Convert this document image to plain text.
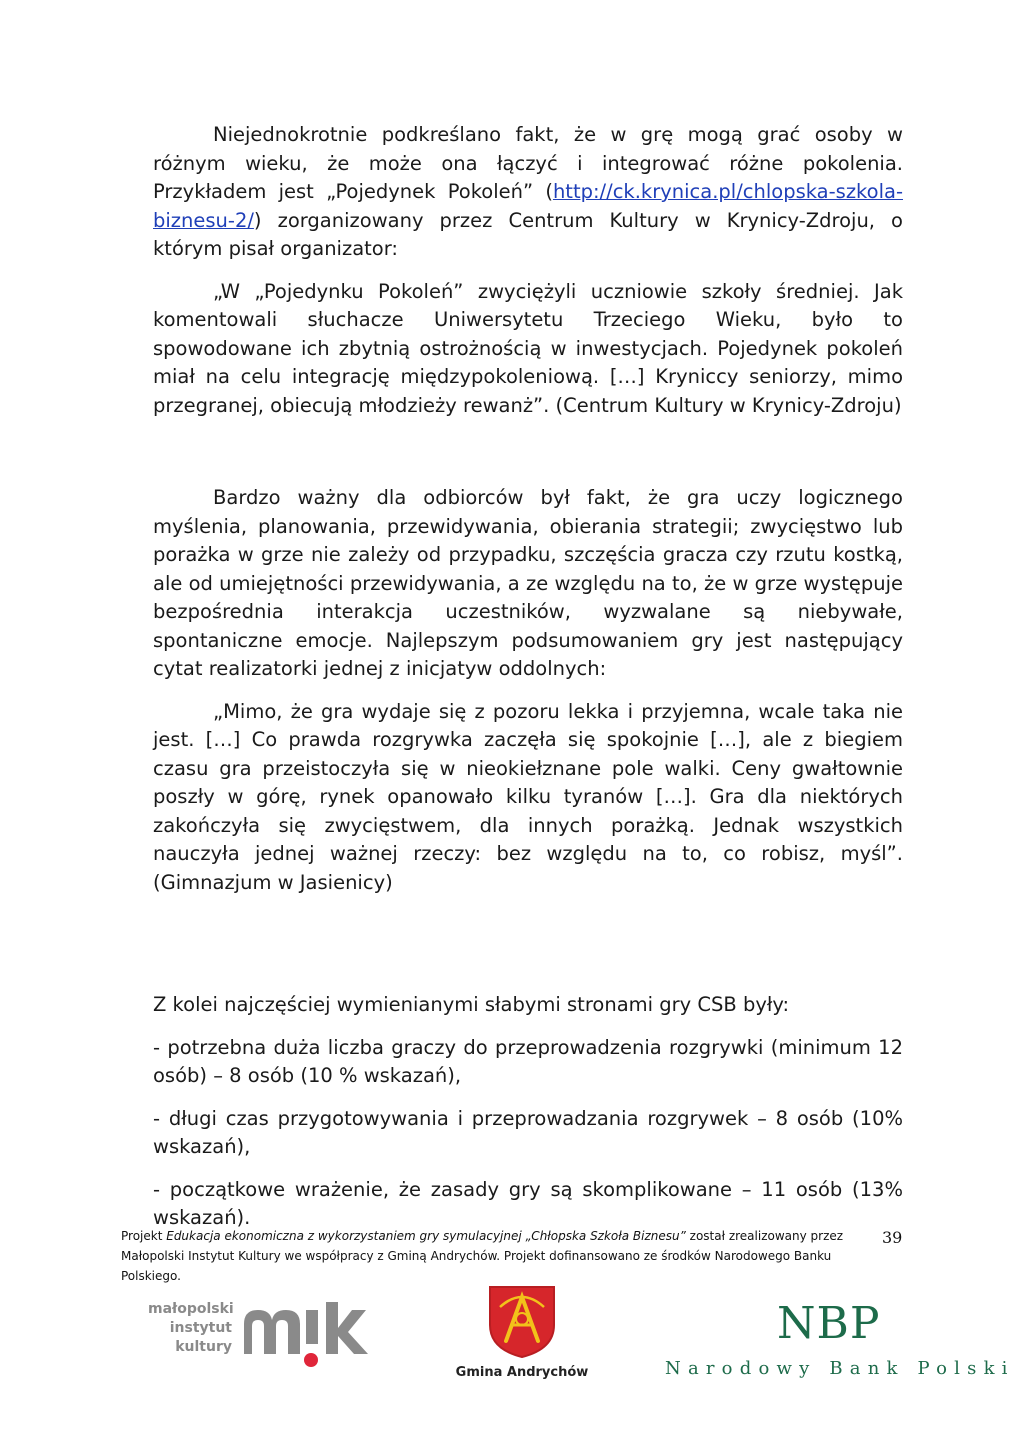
Niejednokrotnie podkreślano fakt, że w grę mogą grać osoby w różnym wieku, że może ona łączyć i integrować różne pokolenia. Przykładem jest „Pojedynek Pokoleń” (http://ck.krynica.pl/chlopska-szkola-biznesu-2/) zorganizowany przez Centrum Kultury w Krynicy-Zdroju, o którym pisał organizator:

„W „Pojedynku Pokoleń” zwyciężyli uczniowie szkoły średniej. Jak komentowali słuchacze Uniwersytetu Trzeciego Wieku, było to spowodowane ich zbytnią ostrożnością w inwestycjach. Pojedynek pokoleń miał na celu integrację międzypokoleniową. […] Kryniccy seniorzy, mimo przegranej, obiecują młodzieży rewanż”. (Centrum Kultury w Krynicy-Zdroju)

Bardzo ważny dla odbiorców był fakt, że gra uczy logicznego myślenia, planowania, przewidywania, obierania strategii; zwycięstwo lub porażka w grze nie zależy od przypadku, szczęścia gracza czy rzutu kostką, ale od umiejętności przewidywania, a ze względu na to, że w grze występuje bezpośrednia interakcja uczestników, wyzwalane są niebywałe, spontaniczne emocje. Najlepszym podsumowaniem gry jest następujący cytat realizatorki jednej z inicjatyw oddolnych:

„Mimo, że gra wydaje się z pozoru lekka i przyjemna, wcale taka nie jest. […] Co prawda rozgrywka zaczęła się spokojnie […], ale z biegiem czasu gra przeistoczyła się w nieokiełznane pole walki. Ceny gwałtownie poszły w górę, rynek opanowało kilku tyranów […]. Gra dla niektórych zakończyła się zwycięstwem, dla innych porażką. Jednak wszystkich nauczyła jednej ważnej rzeczy: bez względu na to, co robisz, myśl”. (Gimnazjum w Jasienicy)

Z kolei najczęściej wymienianymi słabymi stronami gry CSB były:

- potrzebna duża liczba graczy do przeprowadzenia rozgrywki (minimum 12 osób) – 8 osób (10 % wskazań),

- długi czas przygotowywania i przeprowadzania rozgrywek – 8 osób (10% wskazań),

- początkowe wrażenie, że zasady gry są skomplikowane – 11 osób (13% wskazań).

Projekt Edukacja ekonomiczna z wykorzystaniem gry symulacyjnej „Chłopska Szkoła Biznesu” został zrealizowany przez Małopolski Instytut Kultury we współpracy z Gminą Andrychów. Projekt dofinansowano ze środków Narodowego Banku Polskiego.
39
małopolski
instytut
kultury
Gmina Andrychów
NBP
Narodowy Bank Polski
